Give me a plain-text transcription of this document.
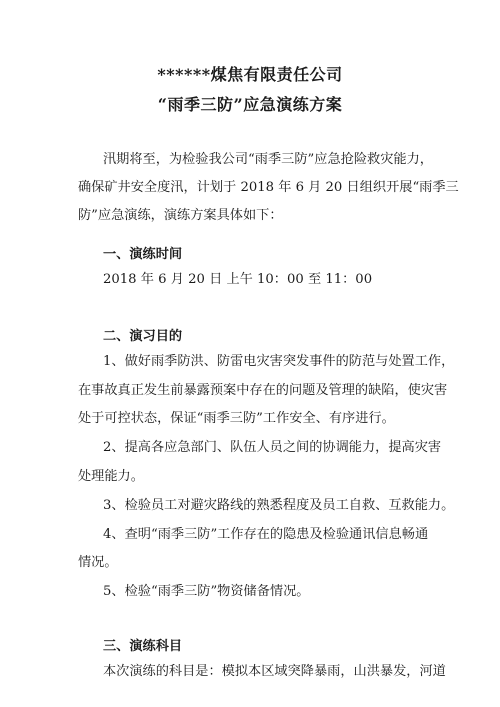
******煤焦有限责任公司
“雨季三防”应急演练方案
汛期将至，为检验我公司“雨季三防”应急抢险救灾能力，
确保矿井安全度汛，计划于 2018 年 6 月 20 日组织开展“雨季三
防”应急演练，演练方案具体如下：
一、演练时间
2018 年 6 月 20 日 上午 10：00 至 11：00
二、演习目的
1、做好雨季防洪、防雷电灾害突发事件的防范与处置工作，
在事故真正发生前暴露预案中存在的问题及管理的缺陷，使灾害
处于可控状态，保证“雨季三防”工作安全、有序进行。
2、提高各应急部门、队伍人员之间的协调能力，提高灾害
处理能力。
3、检验员工对避灾路线的熟悉程度及员工自救、互救能力。
4、查明“雨季三防”工作存在的隐患及检验通讯信息畅通
情况。
5、检验“雨季三防”物资储备情况。
三、演练科目
本次演练的科目是：模拟本区域突降暴雨，山洪暴发，河道
